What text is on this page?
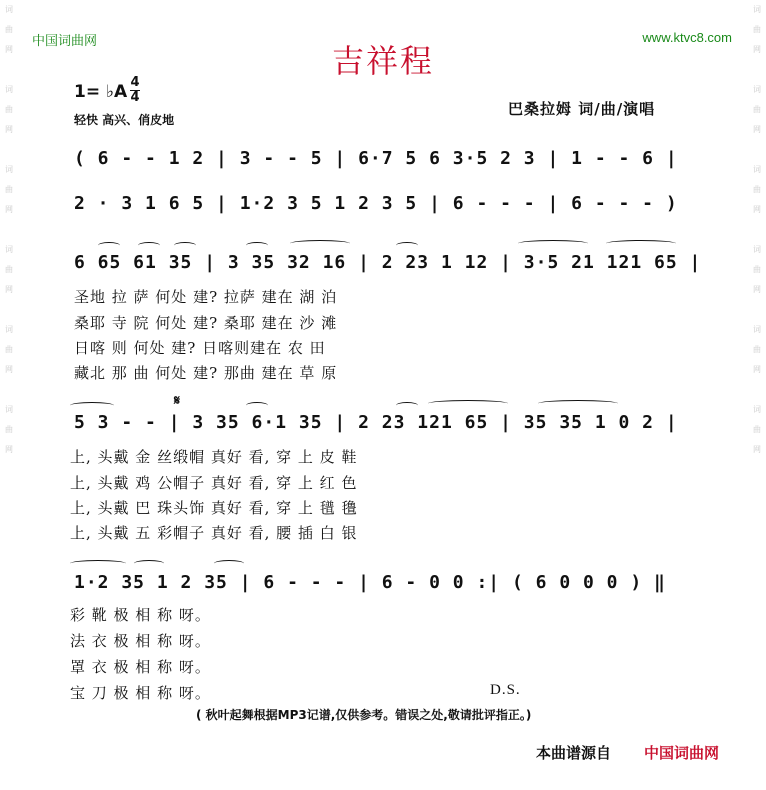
中国词曲网	www.ktvc8.com
词曲网

词曲网

词曲网

词曲网

词曲网

词曲网
词曲网

词曲网

词曲网

词曲网

词曲网

词曲网
吉祥程
1= ♭A 4
4
轻快 高兴、俏皮地
巴桑拉姆 词/曲/演唱
( 6 - - 1 2 | 3 - - 5 | 6·7 5 6 3·5 2 3 | 1 - - 6 |
2 · 3 1 6 5 | 1·2 3 5 1 2 3 5 | 6 - - - | 6 - - - )
6 65 61 35 | 3 35 32 16 | 2 23 1 12 | 3·5 21 121 65 |
圣地 拉 萨 何处 建? 拉萨 建在 湖 泊
桑耶 寺 院 何处 建? 桑耶 建在 沙 滩
日喀 则 何处 建? 日喀则建在 农 田
藏北 那 曲 何处 建? 那曲 建在 草 原
𝄋
5 3 - - | 3 35 6·1 35 | 2 23 121 65 | 35 35 1 0 2 |
上, 头戴 金 丝缎帽 真好 看, 穿 上 皮 鞋
上, 头戴 鸡 公帽子 真好 看, 穿 上 红 色
上, 头戴 巴 珠头饰 真好 看, 穿 上 氆 氇
上, 头戴 五 彩帽子 真好 看, 腰 插 白 银
1·2 35 1 2 35 | 6 - - - | 6 - 0 0 :| ( 6 0 0 0 ) ‖
彩 靴 极 相 称 呀。
法 衣 极 相 称 呀。
罩 衣 极 相 称 呀。
宝 刀 极 相 称 呀。	D.S.
( 秋叶起舞根据MP3记谱,仅供参考。错误之处,敬请批评指正。)
本曲谱源自 中国词曲网
